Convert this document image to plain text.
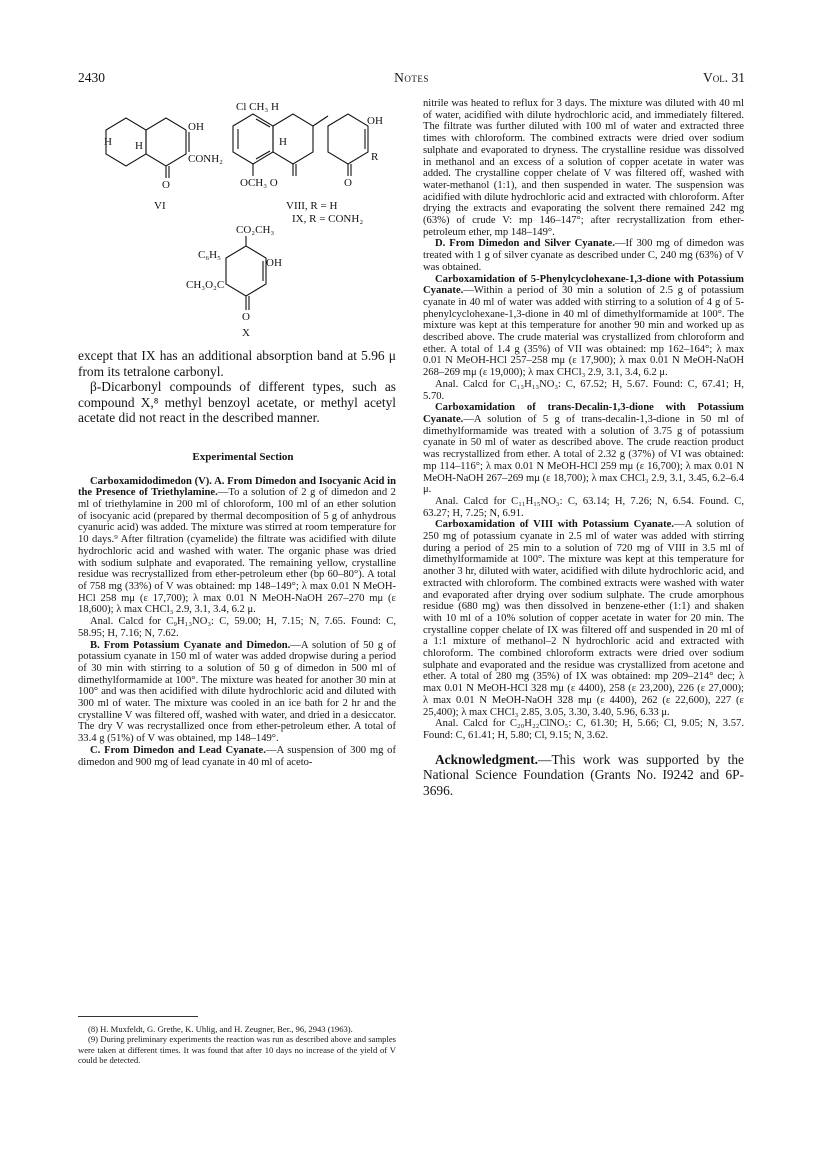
2430	Notes	Vol. 31
OH
CONH₂
O
H H
VI
Cl CH₃ H
H
OH
R
OCH₃ O	O
VIII, R = H
IX, R = CONH₂
CO₂CH₃
C₆H₅
OH
CH₃O₂C
O
X

except that IX has an additional absorption band at 5.96 μ from its tetralone carbonyl.

β-Dicarbonyl compounds of different types, such as compound X,⁸ methyl benzoyl acetate, or methyl acetyl acetate did not react in the described manner.

Experimental Section

Carboxamidodimedon (V). A. From Dimedon and Isocyanic Acid in the Presence of Triethylamine.—To a solution of 2 g of dimedon and 2 ml of triethylamine in 200 ml of chloroform, 100 ml of an ether solution of isocyanic acid (prepared by thermal decomposition of 5 g of anhydrous cyanuric acid) was added. The mixture was stirred at room temperature for 10 days.⁹ After filtration (cyamelide) the filtrate was acidified with dilute hydrochloric acid and washed with water. The organic phase was dried with sodium sulphate and evaporated. The remaining yellow, crystalline residue was recrystallized from ether-petroleum ether (bp 60–80°). A total of 758 mg (33%) of V was obtained: mp 148–149°; λ max 0.01 N MeOH-HCl 258 mμ (ε 17,700); λ max 0.01 N MeOH-NaOH 267–270 mμ (ε 18,600); λ max CHCl₃ 2.9, 3.1, 3.4, 6.2 μ.

Anal. Calcd for C₉H₁₃NO₃: C, 59.00; H, 7.15; N, 7.65. Found: C, 58.95; H, 7.16; N, 7.62.

B. From Potassium Cyanate and Dimedon.—A solution of 50 g of potassium cyanate in 150 ml of water was added dropwise during a period of 30 min with stirring to a solution of 50 g of dimedon in 500 ml of dimethylformamide at 100°. The mixture was heated for another 30 min at 100° and was then acidified with dilute hydrochloric acid and diluted with 300 ml of water. The mixture was cooled in an ice bath for 2 hr and the crystalline V was filtered off, washed with water, and dried in a desiccator. The dry V was recrystallized once from ether-petroleum ether. A total of 33.4 g (51%) of V was obtained, mp 148–149°.

C. From Dimedon and Lead Cyanate.—A suspension of 300 mg of dimedon and 900 mg of lead cyanate in 40 ml of aceto-

(8) H. Muxfeldt, G. Grethe, K. Uhlig, and H. Zeugner, Ber., 96, 2943 (1963).

(9) During preliminary experiments the reaction was run as described above and samples were taken at different times. It was found that after 10 days no increase of the yield of V could be detected.

nitrile was heated to reflux for 3 days. The mixture was diluted with 40 ml of water, acidified with dilute hydrochloric acid, and immediately filtered. The filtrate was further diluted with 100 ml of water and extracted three times with chloroform. The combined extracts were dried over sodium sulphate and evaporated to dryness. The crystalline residue was dissolved in methanol and an excess of a solution of copper acetate in water was added. The crystalline copper chelate of V was filtered off, washed with water-methanol (1:1), and then suspended in water. The suspension was acidified with dilute hydrochloric acid and extracted with chloroform. After drying the extracts and evaporating the solvent there remained 242 mg (63%) of crude V: mp 146–147°; after recrystallization from ether-petroleum ether, mp 148–149°.

D. From Dimedon and Silver Cyanate.—If 300 mg of dimedon was treated with 1 g of silver cyanate as described under C, 240 mg (63%) of V was obtained.

Carboxamidation of 5-Phenylcyclohexane-1,3-dione with Potassium Cyanate.—Within a period of 30 min a solution of 2.5 g of potassium cyanate in 40 ml of water was added with stirring to a solution of 4 g of 5-phenylcyclohexane-1,3-dione in 40 ml of dimethylformamide at 100°. The mixture was kept at this temperature for another 90 min and worked up as described above. The crude material was crystallized from chloroform and ether. A total of 1.4 g (35%) of VII was obtained: mp 162–164°; λ max 0.01 N MeOH-HCl 257–258 mμ (ε 17,900); λ max 0.01 N MeOH-NaOH 268–269 mμ (ε 19,000); λ max CHCl₃ 2.9, 3.1, 3.4, 6.2 μ.

Anal. Calcd for C₁₃H₁₃NO₃: C, 67.52; H, 5.67. Found: C, 67.41; H, 5.70.

Carboxamidation of trans-Decalin-1,3-dione with Potassium Cyanate.—A solution of 5 g of trans-decalin-1,3-dione in 50 ml of dimethylformamide was treated with a solution of 3.75 g of potassium cyanate in 50 ml of water as described above. The crude reaction product was recrystallized from ether. A total of 2.32 g (37%) of VI was obtained: mp 114–116°; λ max 0.01 N MeOH-HCl 259 mμ (ε 16,700); λ max 0.01 N MeOH-NaOH 267–269 mμ (ε 18,700); λ max CHCl₃ 2.9, 3.1, 3.45, 6.2–6.4 μ.

Anal. Calcd for C₁₁H₁₅NO₃: C, 63.14; H, 7.26; N, 6.54. Found. C, 63.27; H, 7.25; N, 6.91.

Carboxamidation of VIII with Potassium Cyanate.—A solution of 250 mg of potassium cyanate in 2.5 ml of water was added with stirring during a period of 25 min to a solution of 720 mg of VIII in 3.5 ml of dimethylformamide at 100°. The mixture was kept at this temperature for another 3 hr, diluted with water, acidified with dilute hydrochloric acid, and extracted with chloroform. The combined extracts were washed with water and evaporated after drying over sodium sulphate. The crude amorphous residue (680 mg) was then dissolved in benzene-ether (1:1) and shaken with 10 ml of a 10% solution of copper acetate in water for 20 min. The crystalline copper chelate of IX was filtered off and suspended in 20 ml of a 1:1 mixture of methanol–2 N hydrochloric acid and extracted with chloroform. The combined chloroform extracts were dried over sodium sulphate and evaporated and the residue was crystallized from acetone and ether. A total of 280 mg (35%) of IX was obtained: mp 209–214° dec; λ max 0.01 N MeOH-HCl 328 mμ (ε 4400), 258 (ε 23,200), 226 (ε 27,000); λ max 0.01 N MeOH-NaOH 328 mμ (ε 4400), 262 (ε 22,600), 227 (ε 25,400); λ max CHCl₃ 2.85, 3.05, 3.30, 3.40, 5.96, 6.33 μ.

Anal. Calcd for C₂₀H₂₂ClNO₅: C, 61.30; H, 5.66; Cl, 9.05; N, 3.57. Found: C, 61.41; H, 5.80; Cl, 9.15; N, 3.62.

Acknowledgment.—This work was supported by the National Science Foundation (Grants No. I9242 and 6P-3696.
